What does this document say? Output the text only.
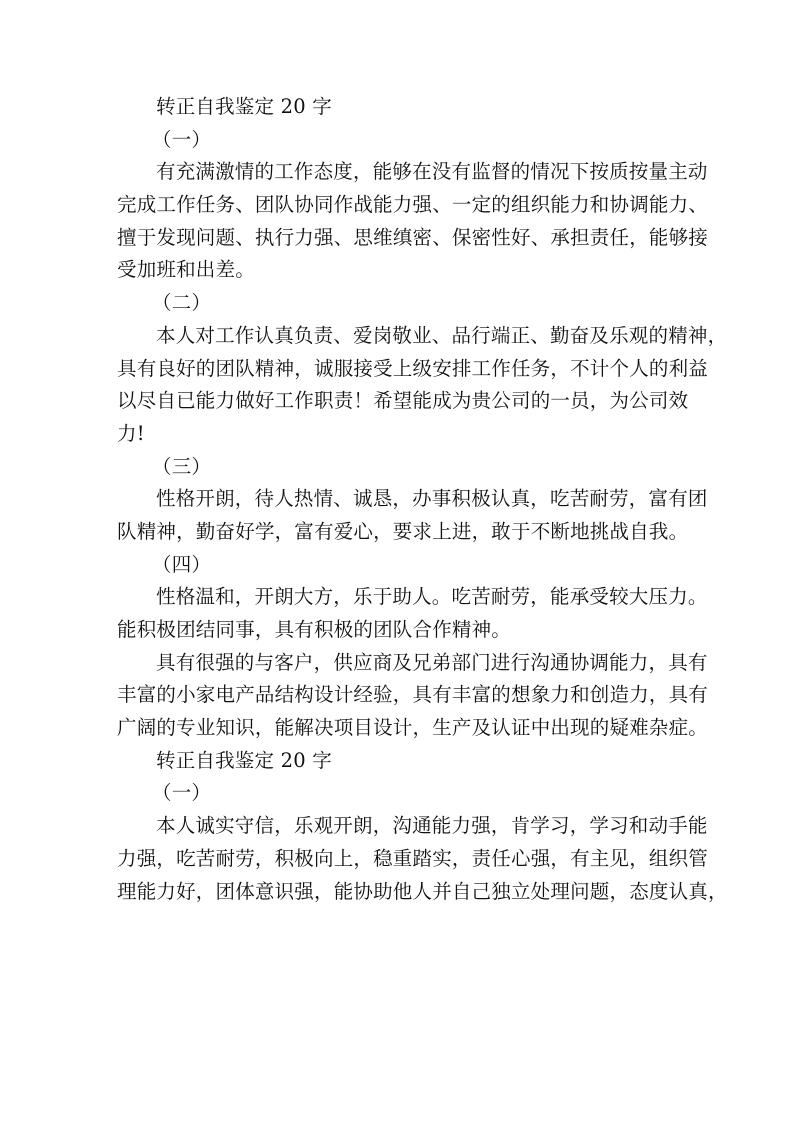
转正自我鉴定 20 字
（一）
有充满激情的工作态度，能够在没有监督的情况下按质按量主动
完成工作任务、团队协同作战能力强、一定的组织能力和协调能力、
擅于发现问题、执行力强、思维缜密、保密性好、承担责任，能够接
受加班和出差。
（二）
本人对工作认真负责、爱岗敬业、品行端正、勤奋及乐观的精神，
具有良好的团队精神，诚服接受上级安排工作任务，不计个人的利益
以尽自已能力做好工作职责！希望能成为贵公司的一员，为公司效
力!
（三）
性格开朗，待人热情、诚恳，办事积极认真，吃苦耐劳，富有团
队精神，勤奋好学，富有爱心，要求上进，敢于不断地挑战自我。
（四）
性格温和，开朗大方，乐于助人。吃苦耐劳，能承受较大压力。
能积极团结同事，具有积极的团队合作精神。
具有很强的与客户，供应商及兄弟部门进行沟通协调能力，具有
丰富的小家电产品结构设计经验，具有丰富的想象力和创造力，具有
广阔的专业知识，能解决项目设计，生产及认证中出现的疑难杂症。
转正自我鉴定 20 字
（一）
本人诚实守信，乐观开朗，沟通能力强，肯学习，学习和动手能
力强，吃苦耐劳，积极向上，稳重踏实，责任心强，有主见，组织管
理能力好，团体意识强，能协助他人并自己独立处理问题，态度认真，
